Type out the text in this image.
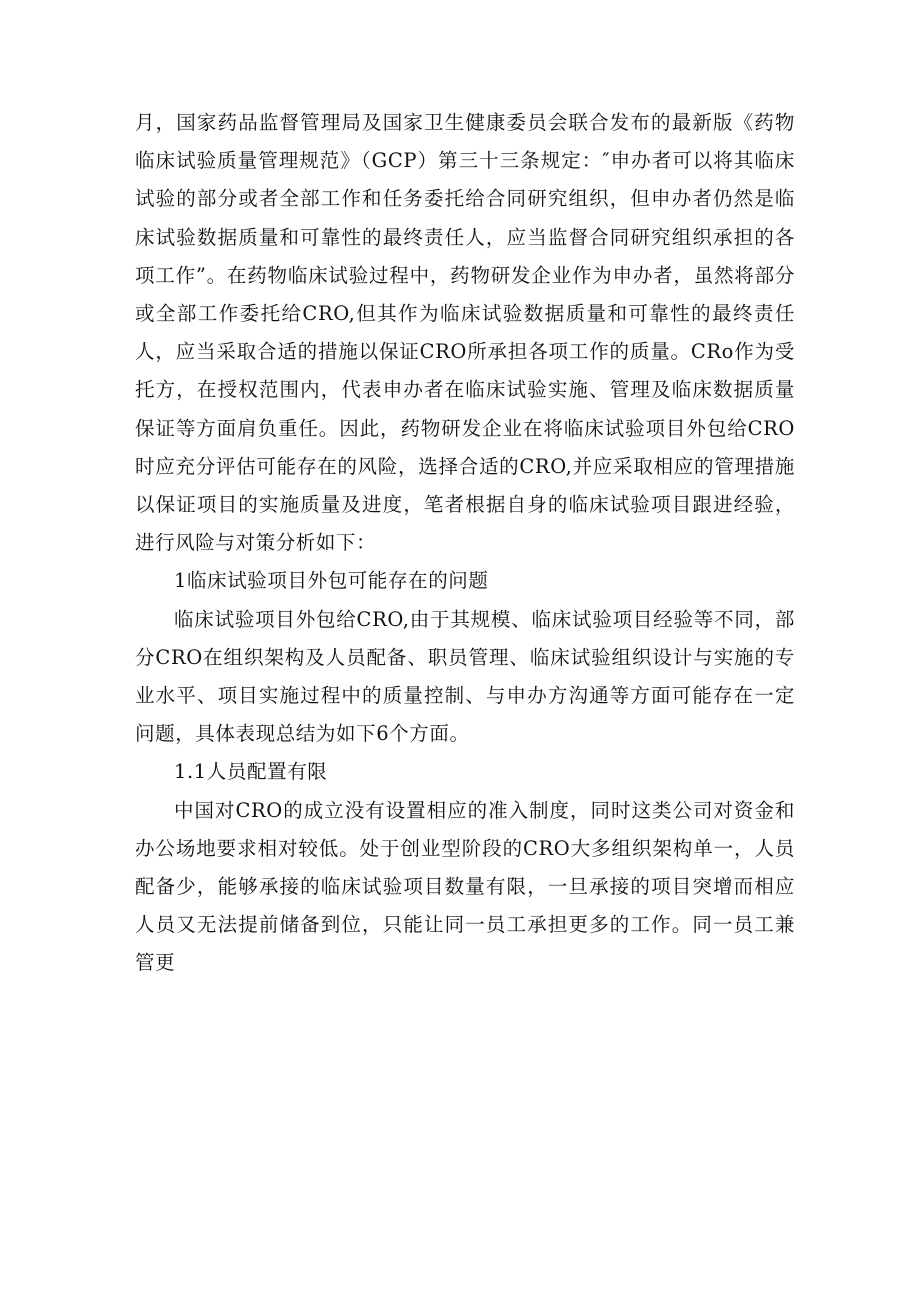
月，国家药品监督管理局及国家卫生健康委员会联合发布的最新版《药物临床试验质量管理规范》（GCP）第三十三条规定：″申办者可以将其临床试验的部分或者全部工作和任务委托给合同研究组织，但申办者仍然是临床试验数据质量和可靠性的最终责任人，应当监督合同研究组织承担的各项工作”。在药物临床试验过程中，药物研发企业作为申办者，虽然将部分或全部工作委托给CRO,但其作为临床试验数据质量和可靠性的最终责任人，应当采取合适的措施以保证CRO所承担各项工作的质量。CRo作为受托方，在授权范围内，代表申办者在临床试验实施、管理及临床数据质量保证等方面肩负重任。因此，药物研发企业在将临床试验项目外包给CRO时应充分评估可能存在的风险，选择合适的CRO,并应采取相应的管理措施以保证项目的实施质量及进度，笔者根据自身的临床试验项目跟进经验，进行风险与对策分析如下：

1临床试验项目外包可能存在的问题

临床试验项目外包给CRO,由于其规模、临床试验项目经验等不同，部分CRO在组织架构及人员配备、职员管理、临床试验组织设计与实施的专业水平、项目实施过程中的质量控制、与申办方沟通等方面可能存在一定问题，具体表现总结为如下6个方面。

1.1人员配置有限

中国对CRO的成立没有设置相应的准入制度，同时这类公司对资金和办公场地要求相对较低。处于创业型阶段的CRO大多组织架构单一，人员配备少，能够承接的临床试验项目数量有限，一旦承接的项目突增而相应人员又无法提前储备到位，只能让同一员工承担更多的工作。同一员工兼管更
